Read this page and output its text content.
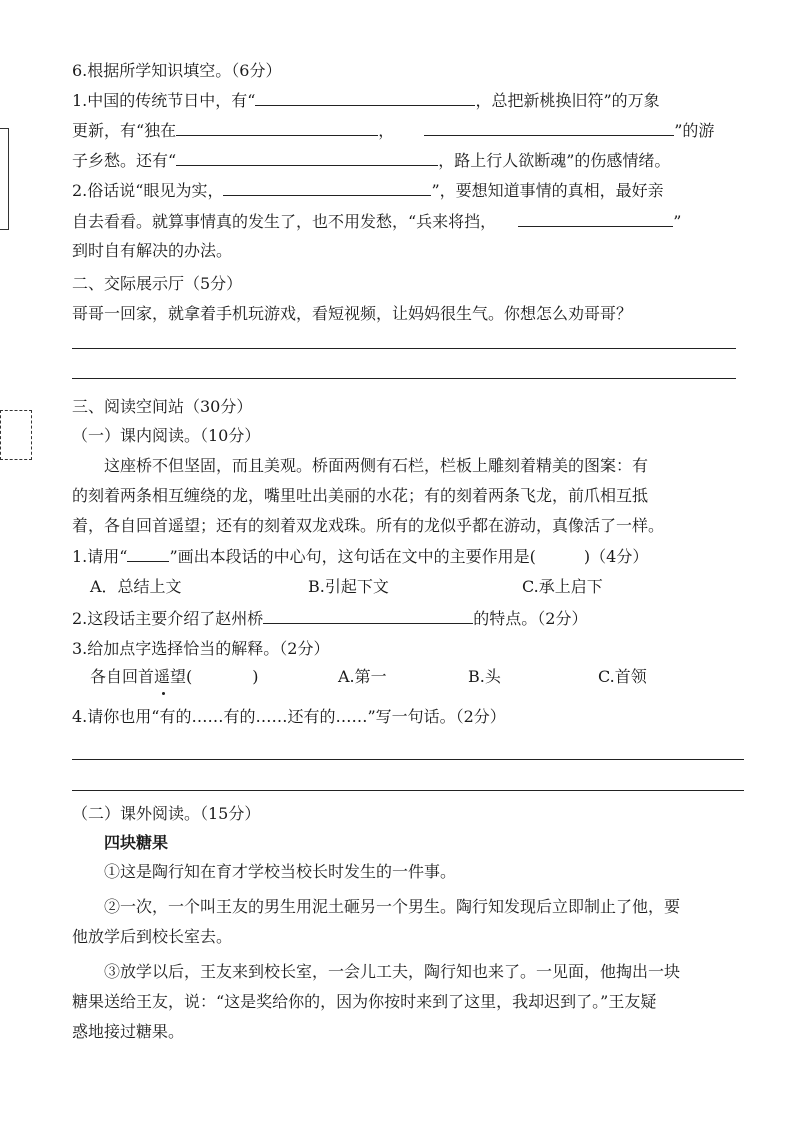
6.根据所学知识填空。（6分）
1.中国的传统节日中，有“	，总把新桃换旧符”的万象
更新，有“独在	，	”的游
子乡愁。还有“	，路上行人欲断魂”的伤感情绪。
2.俗话说“眼见为实，	”，要想知道事情的真相，最好亲
自去看看。就算事情真的发生了，也不用发愁，“兵来将挡，	”
到时自有解决的办法。
二、交际展示厅（5分）
哥哥一回家，就拿着手机玩游戏，看短视频，让妈妈很生气。你想怎么劝哥哥？
三、阅读空间站（30分）
（一）课内阅读。（10分）
这座桥不但坚固，而且美观。桥面两侧有石栏，栏板上雕刻着精美的图案：有
的刻着两条相互缠绕的龙，嘴里吐出美丽的水花；有的刻着两条飞龙，前爪相互抵
着，各自回首遥望；还有的刻着双龙戏珠。所有的龙似乎都在游动，真像活了一样。
1.请用“	”画出本段话的中心句，这句话在文中的主要作用是(	)（4分）
A．总结上文	B.引起下文	C.承上启下
2.这段话主要介绍了赵州桥	的特点。（2分）
3.给加点字选择恰当的解释。（2分）
各自回首遥望(	)	A.第一	B.头	C.首领
4.请你也用“有的……有的……还有的……”写一句话。（2分）
（二）课外阅读。（15分）
四块糖果
①这是陶行知在育才学校当校长时发生的一件事。
②一次，一个叫王友的男生用泥土砸另一个男生。陶行知发现后立即制止了他，要
他放学后到校长室去。
③放学以后，王友来到校长室，一会儿工夫，陶行知也来了。一见面，他掏出一块
糖果送给王友，说：“这是奖给你的，因为你按时来到了这里，我却迟到了。”王友疑
惑地接过糖果。
